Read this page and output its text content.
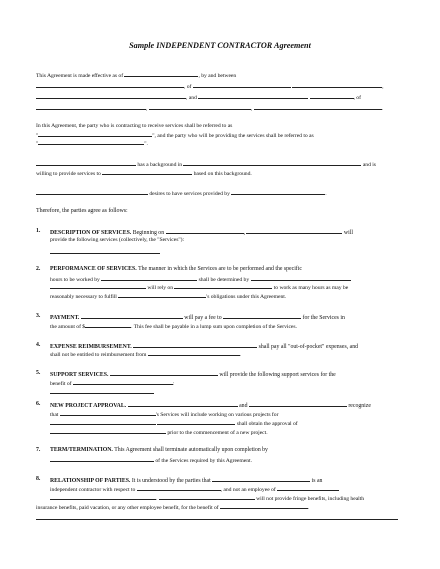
Sample INDEPENDENT CONTRACTOR Agreement
This Agreement is made effective as of	, by and between
, of	,
, and	, of
,	,	.
In this Agreement, the party who is contracting to receive services shall be referred to as
"	", and the party who will be providing the services shall be referred to as
"	".
has a background in	and is
willing to provide services to	based on this background.
desires to have services provided by	.
Therefore, the parties agree as follows:
1. DESCRIPTION OF SERVICES. Beginning on	,	will
provide the following services (collectively, the "Services"):
2. PERFORMANCE OF SERVICES. The manner in which the Services are to be performed and the specific
hours to be worked by	shall be determined by
will rely on	to work as many hours as may be
reasonably necessary to fulfill	's obligations under this Agreement.
3. PAYMENT.	will pay a fee to	for the Services in
the amount of $	. This fee shall be payable in a lump sum upon completion of the Services.
4. EXPENSE REIMBURSEMENT.	shall pay all "out-of-pocket" expenses, and
shall not be entitled to reimbursement from	.
5. SUPPORT SERVICES.	will provide the following support services for the
benefit of	:
6. NEW PROJECT APPROVAL.	and	recognize
that	's Services will include working on various projects for
shall obtain the approval of
prior to the commencement of a new project.
7. TERM/TERMINATION. This Agreement shall terminate automatically upon completion by
of the Services required by this Agreement.
8. RELATIONSHIP OF PARTIES. It is understood by the parties that	is an
independent contractor with respect to	, and not an employee of
.	will not provide fringe benefits, including health
insurance benefits, paid vacation, or any other employee benefit, for the benefit of	.
